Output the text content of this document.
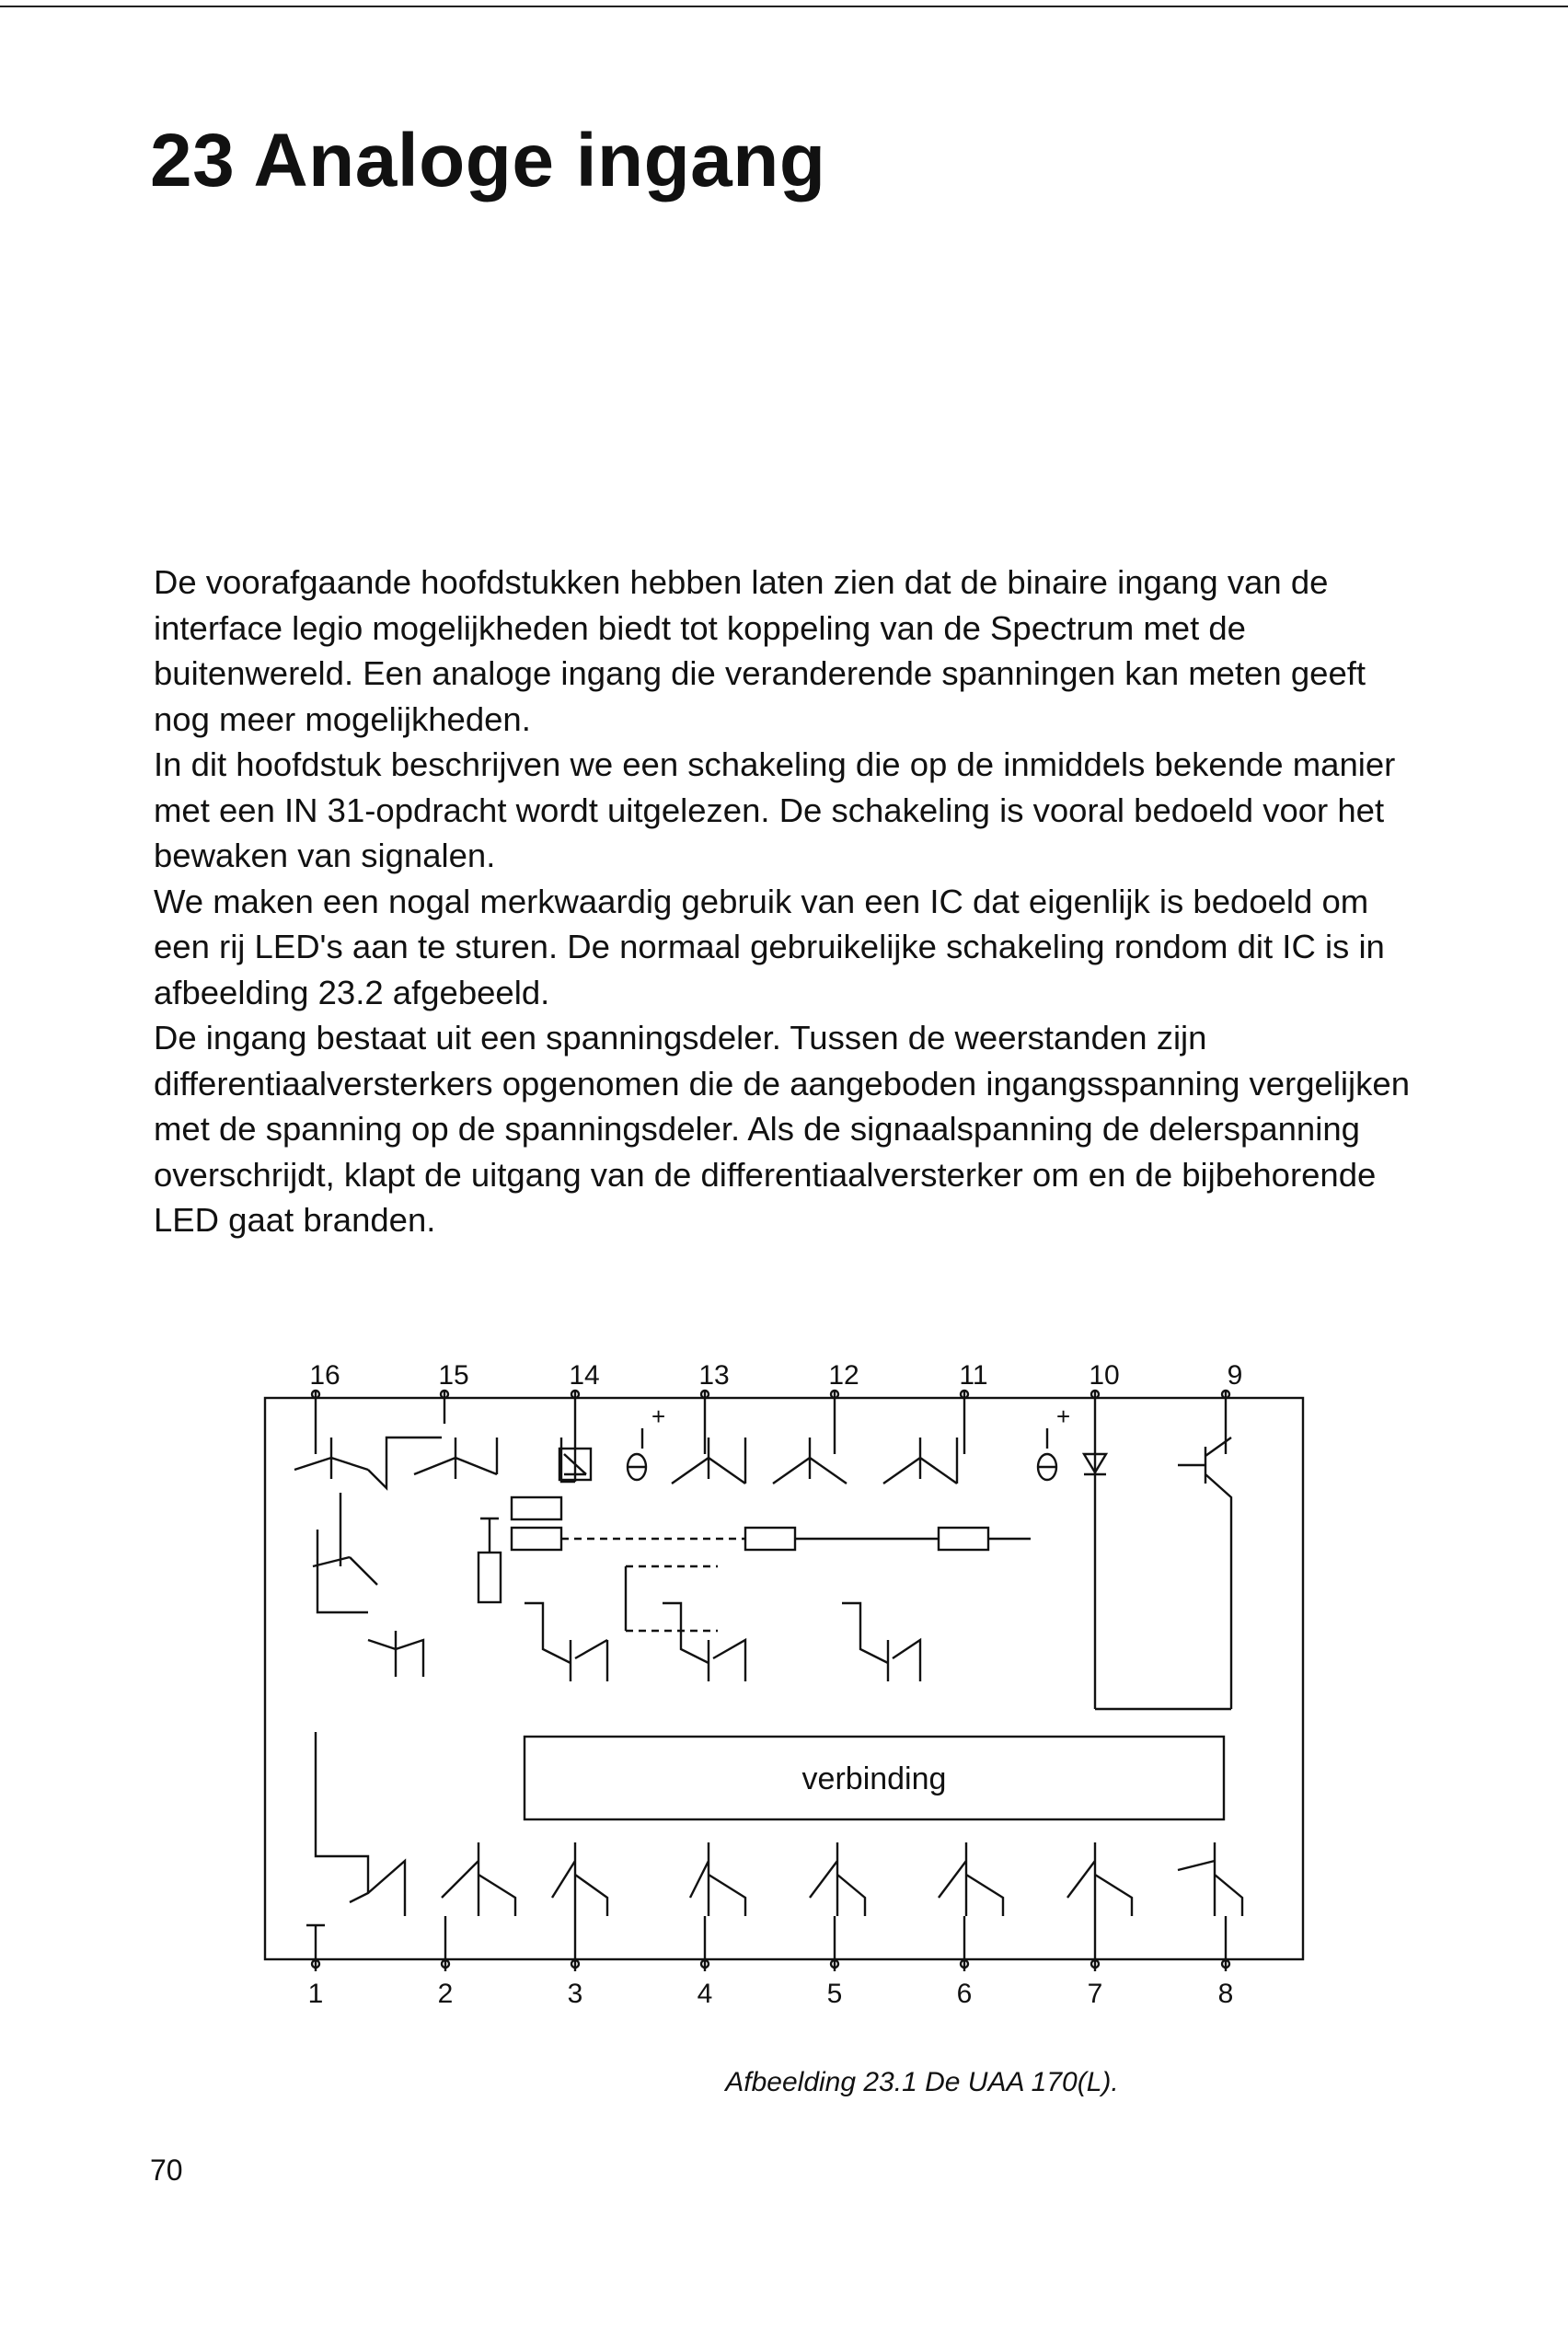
23 Analoge ingang

De voorafgaande hoofdstukken hebben laten zien dat de binaire ingang van de interface legio mogelijkheden biedt tot koppeling van de Spectrum met de buitenwereld. Een analoge ingang die veranderende spanningen kan meten geeft nog meer mogelijkheden.

In dit hoofdstuk beschrijven we een schakeling die op de inmiddels bekende manier met een IN 31-opdracht wordt uitgelezen. De schakeling is vooral bedoeld voor het bewaken van signalen.

We maken een nogal merkwaardig gebruik van een IC dat eigenlijk is bedoeld om een rij LED's aan te sturen. De normaal gebruikelijke schakeling rondom dit IC is in afbeelding 23.2 afgebeeld.

De ingang bestaat uit een spanningsdeler. Tussen de weerstanden zijn differentiaalversterkers opgenomen die de aangeboden ingangsspanning vergelijken met de spanning op de spanningsdeler. Als de signaalspanning de delerspanning overschrijdt, klapt de uitgang van de differentiaalversterker om en de bijbehorende LED gaat branden.

16	15	14	13	12	11	10	9
+	+
verbinding
1	2	3	4	5	6	7	8
Afbeelding 23.1 De UAA 170(L).
70
